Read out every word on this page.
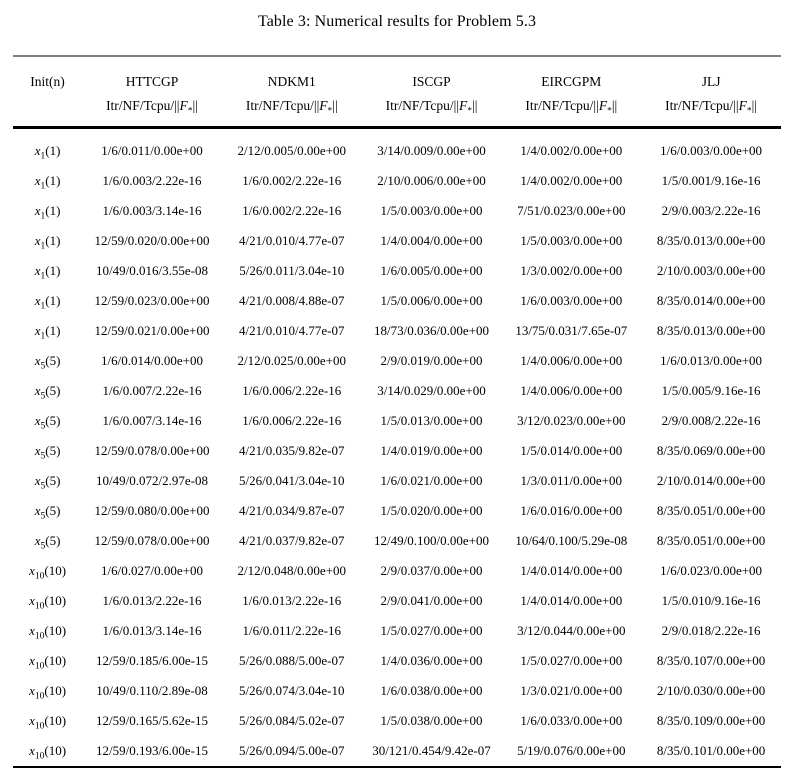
Table 3: Numerical results for Problem 5.3
Init(n)	HTTCGP	NDKM1	ISCGP	EIRCGPM	JLJ
	Itr/$NF/Tcpu/||F_*||$	Itr/$NF/Tcpu/||F_*||$	Itr/$NF/Tcpu/||F_*||$	Itr/$NF/Tcpu/||F_*||$	Itr/$NF/Tcpu/||F_*||$
$x_1(1)$	1/6/0.011/0.00e+00	2/12/0.005/0.00e+00	3/14/0.009/0.00e+00	1/4/0.002/0.00e+00	1/6/0.003/0.00e+00
$x_1(1)$	1/6/0.003/2.22e-16	1/6/0.002/2.22e-16	2/10/0.006/0.00e+00	1/4/0.002/0.00e+00	1/5/0.001/9.16e-16
$x_1(1)$	1/6/0.003/3.14e-16	1/6/0.002/2.22e-16	1/5/0.003/0.00e+00	7/51/0.023/0.00e+00	2/9/0.003/2.22e-16
$x_1(1)$	12/59/0.020/0.00e+00	4/21/0.010/4.77e-07	1/4/0.004/0.00e+00	1/5/0.003/0.00e+00	8/35/0.013/0.00e+00
$x_1(1)$	10/49/0.016/3.55e-08	5/26/0.011/3.04e-10	1/6/0.005/0.00e+00	1/3/0.002/0.00e+00	2/10/0.003/0.00e+00
$x_1(1)$	12/59/0.023/0.00e+00	4/21/0.008/4.88e-07	1/5/0.006/0.00e+00	1/6/0.003/0.00e+00	8/35/0.014/0.00e+00
$x_1(1)$	12/59/0.021/0.00e+00	4/21/0.010/4.77e-07	18/73/0.036/0.00e+00	13/75/0.031/7.65e-07	8/35/0.013/0.00e+00
$x_5(5)$	1/6/0.014/0.00e+00	2/12/0.025/0.00e+00	2/9/0.019/0.00e+00	1/4/0.006/0.00e+00	1/6/0.013/0.00e+00
$x_5(5)$	1/6/0.007/2.22e-16	1/6/0.006/2.22e-16	3/14/0.029/0.00e+00	1/4/0.006/0.00e+00	1/5/0.005/9.16e-16
$x_5(5)$	1/6/0.007/3.14e-16	1/6/0.006/2.22e-16	1/5/0.013/0.00e+00	3/12/0.023/0.00e+00	2/9/0.008/2.22e-16
$x_5(5)$	12/59/0.078/0.00e+00	4/21/0.035/9.82e-07	1/4/0.019/0.00e+00	1/5/0.014/0.00e+00	8/35/0.069/0.00e+00
$x_5(5)$	10/49/0.072/2.97e-08	5/26/0.041/3.04e-10	1/6/0.021/0.00e+00	1/3/0.011/0.00e+00	2/10/0.014/0.00e+00
$x_5(5)$	12/59/0.080/0.00e+00	4/21/0.034/9.87e-07	1/5/0.020/0.00e+00	1/6/0.016/0.00e+00	8/35/0.051/0.00e+00
$x_5(5)$	12/59/0.078/0.00e+00	4/21/0.037/9.82e-07	12/49/0.100/0.00e+00	10/64/0.100/5.29e-08	8/35/0.051/0.00e+00
$x_{10}(10)$	1/6/0.027/0.00e+00	2/12/0.048/0.00e+00	2/9/0.037/0.00e+00	1/4/0.014/0.00e+00	1/6/0.023/0.00e+00
$x_{10}(10)$	1/6/0.013/2.22e-16	1/6/0.013/2.22e-16	2/9/0.041/0.00e+00	1/4/0.014/0.00e+00	1/5/0.010/9.16e-16
$x_{10}(10)$	1/6/0.013/3.14e-16	1/6/0.011/2.22e-16	1/5/0.027/0.00e+00	3/12/0.044/0.00e+00	2/9/0.018/2.22e-16
$x_{10}(10)$	12/59/0.185/6.00e-15	5/26/0.088/5.00e-07	1/4/0.036/0.00e+00	1/5/0.027/0.00e+00	8/35/0.107/0.00e+00
$x_{10}(10)$	10/49/0.110/2.89e-08	5/26/0.074/3.04e-10	1/6/0.038/0.00e+00	1/3/0.021/0.00e+00	2/10/0.030/0.00e+00
$x_{10}(10)$	12/59/0.165/5.62e-15	5/26/0.084/5.02e-07	1/5/0.038/0.00e+00	1/6/0.033/0.00e+00	8/35/0.109/0.00e+00
$x_{10}(10)$	12/59/0.193/6.00e-15	5/26/0.094/5.00e-07	30/121/0.454/9.42e-07	5/19/0.076/0.00e+00	8/35/0.101/0.00e+00
